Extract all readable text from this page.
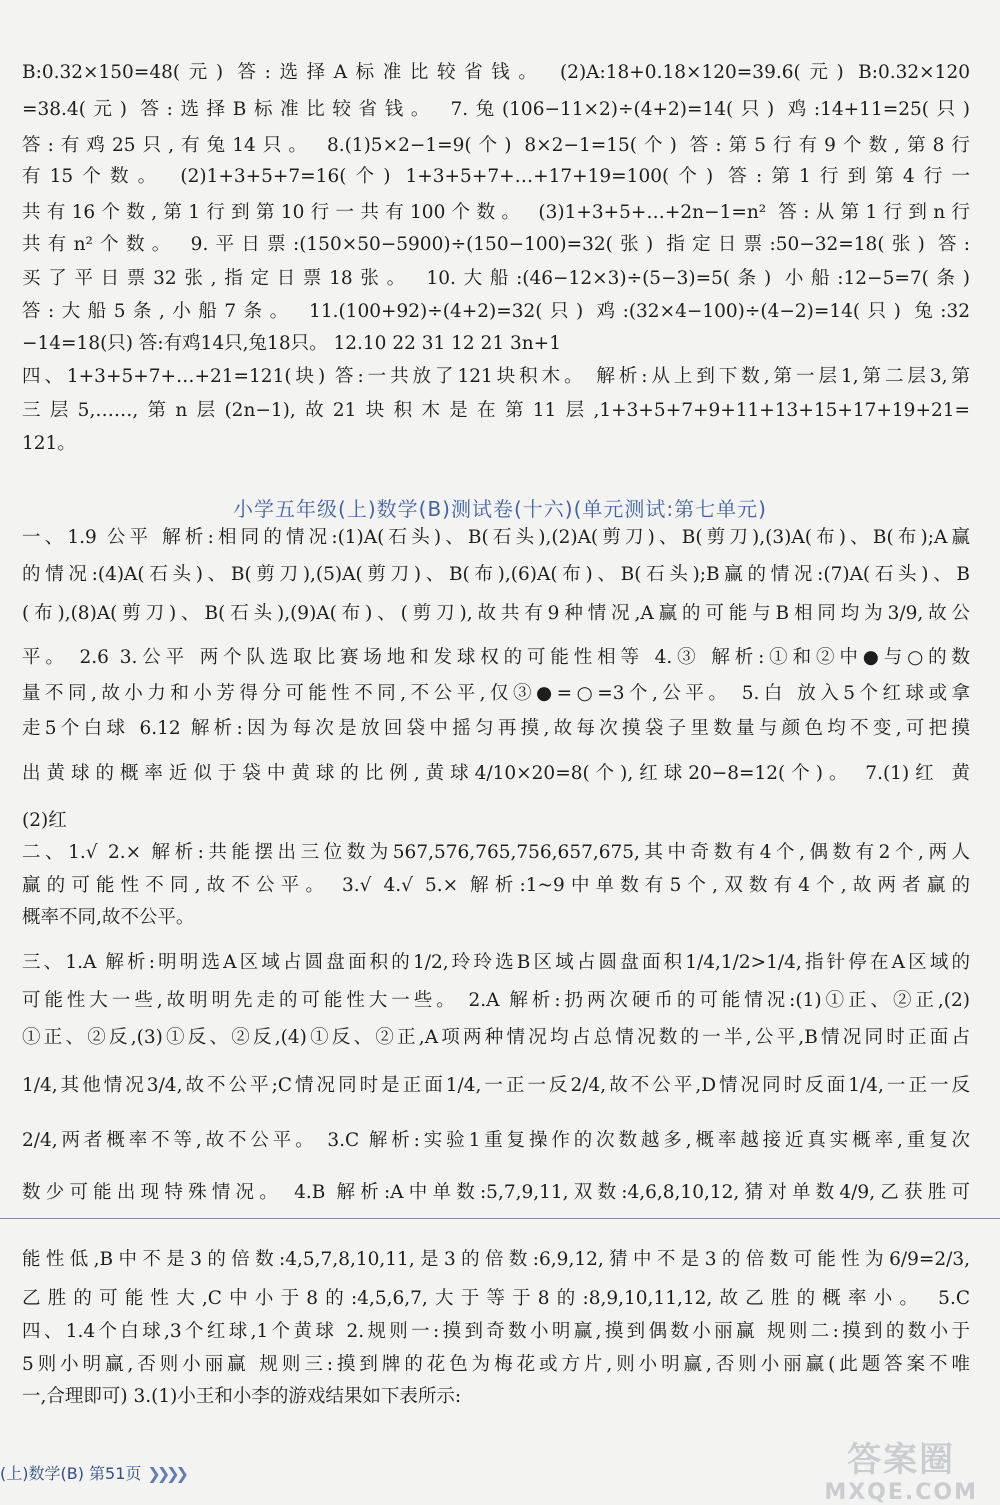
B:0.32×150=48(元) 答:选择A标准比较省钱。 (2)A:18+0.18×120=39.6(元) B:0.32×120
=38.4(元) 答:选择B标准比较省钱。 7.兔(106−11×2)÷(4+2)=14(只) 鸡:14+11=25(只)
答:有鸡25只,有兔14只。 8.(1)5×2−1=9(个) 8×2−1=15(个) 答:第5行有9个数,第8行
有15个数。 (2)1+3+5+7=16(个) 1+3+5+7+…+17+19=100(个) 答:第1行到第4行一
共有16个数,第1行到第10行一共有100个数。 (3)1+3+5+…+2n−1=n² 答:从第1行到n行
共有n²个数。 9.平日票:(150×50−5900)÷(150−100)=32(张) 指定日票:50−32=18(张) 答:
买了平日票32张,指定日票18张。 10.大船:(46−12×3)÷(5−3)=5(条) 小船:12−5=7(条)
答:大船5条,小船7条。 11.(100+92)÷(4+2)=32(只) 鸡:(32×4−100)÷(4−2)=14(只) 兔:32
−14=18(只) 答:有鸡14只,兔18只。 12.10 22 31 12 21 3n+1
四、1+3+5+7+…+21=121(块) 答:一共放了121块积木。 解析:从上到下数,第一层1,第二层3,第
三层5,……,第n层(2n−1),故21块积木是在第11层,1+3+5+7+9+11+13+15+17+19+21=
121。
小学五年级(上)数学(B)测试卷(十六)(单元测试:第七单元)
一、1.9 公平 解析:相同的情况:(1)A(石头)、B(石头),(2)A(剪刀)、B(剪刀),(3)A(布)、B(布);A赢
的情况:(4)A(石头)、B(剪刀),(5)A(剪刀)、B(布),(6)A(布)、B(石头);B赢的情况:(7)A(石头)、B
(布),(8)A(剪刀)、B(石头),(9)A(布)、(剪刀),故共有9种情况,A赢的可能与B相同均为3/9,故公
平。 2.6 3.公平 两个队选取比赛场地和发球权的可能性相等 4.③ 解析:①和②中●与○的数
量不同,故小力和小芳得分可能性不同,不公平,仅③●=○=3个,公平。 5.白 放入5个红球或拿
走5个白球 6.12 解析:因为每次是放回袋中摇匀再摸,故每次摸袋子里数量与颜色均不变,可把摸
出黄球的概率近似于袋中黄球的比例,黄球4/10×20=8(个),红球20−8=12(个)。 7.(1)红 黄
(2)红
二、1.√ 2.× 解析:共能摆出三位数为567,576,765,756,657,675,其中奇数有4个,偶数有2个,两人
赢的可能性不同,故不公平。 3.√ 4.√ 5.× 解析:1~9中单数有5个,双数有4个,故两者赢的
概率不同,故不公平。
三、1.A 解析:明明选A区域占圆盘面积的1/2,玲玲选B区域占圆盘面积1/4,1/2>1/4,指针停在A区域的
可能性大一些,故明明先走的可能性大一些。 2.A 解析:扔两次硬币的可能情况:(1)①正、②正,(2)
①正、②反,(3)①反、②反,(4)①反、②正,A项两种情况均占总情况数的一半,公平,B情况同时正面占
1/4,其他情况3/4,故不公平;C情况同时是正面1/4,一正一反2/4,故不公平,D情况同时反面1/4,一正一反
2/4,两者概率不等,故不公平。 3.C 解析:实验1重复操作的次数越多,概率越接近真实概率,重复次
数少可能出现特殊情况。 4.B 解析:A中单数:5,7,9,11,双数:4,6,8,10,12,猜对单数4/9,乙获胜可
能性低,B中不是3的倍数:4,5,7,8,10,11,是3的倍数:6,9,12,猜中不是3的倍数可能性为6/9=2/3,
乙胜的可能性大,C中小于8的:4,5,6,7,大于等于8的:8,9,10,11,12,故乙胜的概率小。 5.C
四、1.4个白球,3个红球,1个黄球 2.规则一:摸到奇数小明赢,摸到偶数小丽赢 规则二:摸到的数小于
5则小明赢,否则小丽赢 规则三:摸到牌的花色为梅花或方片,则小明赢,否则小丽赢(此题答案不唯
一,合理即可) 3.(1)小王和小李的游戏结果如下表所示:
(上)数学(B) 第51页 ❯❯❯❯	答案圈
MXQE.COM
